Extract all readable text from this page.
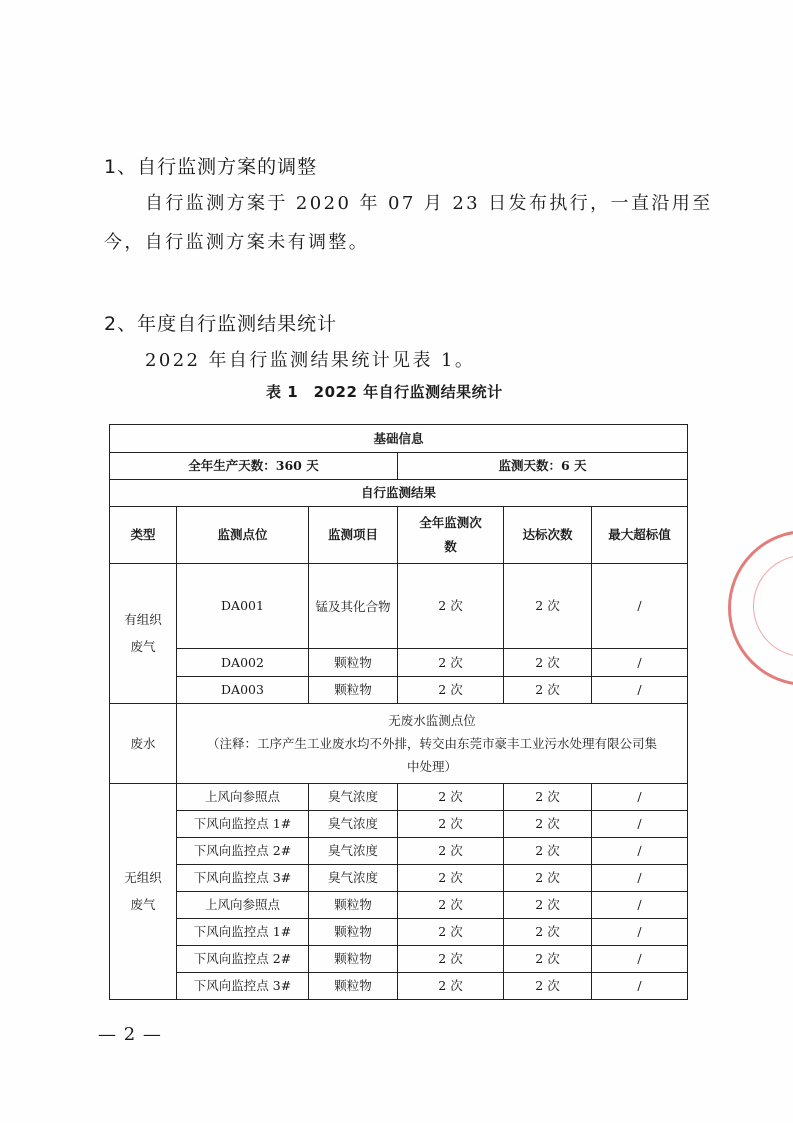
1、自行监测方案的调整
自行监测方案于 2020 年 07 月 23 日发布执行，一直沿用至
今，自行监测方案未有调整。
2、年度自行监测结果统计
2022 年自行监测结果统计见表 1。
表 1　2022 年自行监测结果统计
基础信息					
全年生产天数：360 天			监测天数：6 天		
自行监测结果					
类型	监测点位	监测项目	全年监测次数	达标次数	最大超标值
有组织废气	DA001	锰及其化合物	2 次	2 次	/
	DA002	颗粒物	2 次	2 次	/
	DA003	颗粒物	2 次	2 次	/
废水	无废水监测点位
（注释：工序产生工业废水均不外排，转交由东莞市豪丰工业污水处理有限公司集
中处理）				

无组织废气	上风向参照点	臭气浓度	2 次	2 次	/
	下风向监控点 1#	臭气浓度	2 次	2 次	/
	下风向监控点 2#	臭气浓度	2 次	2 次	/
	下风向监控点 3#	臭气浓度	2 次	2 次	/
	上风向参照点	颗粒物	2 次	2 次	/
	下风向监控点 1#	颗粒物	2 次	2 次	/
	下风向监控点 2#	颗粒物	2 次	2 次	/
	下风向监控点 3#	颗粒物	2 次	2 次	/
— 2 —
